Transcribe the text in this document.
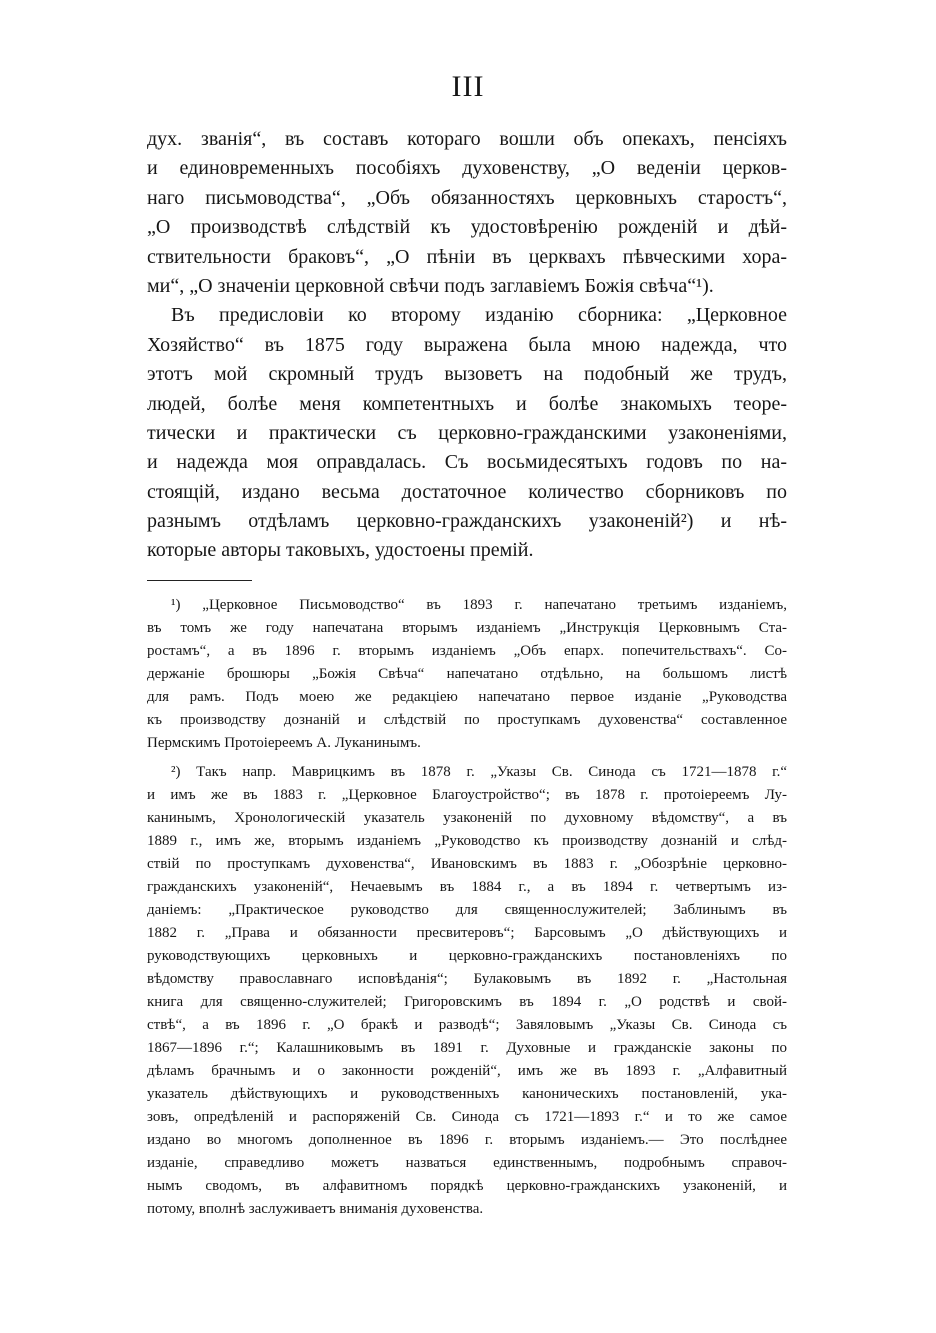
III
дух. званія“, въ составъ котораго вошли объ опекахъ, пенсіяхъ
и единовременныхъ пособіяхъ духовенству, „О веденіи церков-
наго письмоводства“, „Объ обязанностяхъ церковныхъ старостъ“,
„О производствѣ слѣдствій къ удостовѣренію рожденій и дѣй-
ствительности браковъ“, „О пѣніи въ церквахъ пѣвческими хора-
ми“, „О значеніи церковной свѣчи подъ заглавіемъ Божія свѣча“¹).
Въ предисловіи ко второму изданію сборника: „Церковное
Хозяйство“ въ 1875 году выражена была мною надежда, что
этотъ мой скромный трудъ вызоветъ на подобный же трудъ,
людей, болѣе меня компетентныхъ и болѣе знакомыхъ теоре-
тически и практически съ церковно-гражданскими узаконеніями,
и надежда моя оправдалась. Съ восьмидесятыхъ годовъ по на-
стоящій, издано весьма достаточное количество сборниковъ по
разнымъ отдѣламъ церковно-гражданскихъ узаконеній²) и нѣ-
которые авторы таковыхъ, удостоены премій.
¹) „Церковное Письмоводство“ въ 1893 г. напечатано третьимъ изданіемъ,
въ томъ же году напечатана вторымъ изданіемъ „Инструкція Церковнымъ Ста-
ростамъ“, а въ 1896 г. вторымъ изданіемъ „Объ епарх. попечительствахъ“. Со-
держаніе брошюры „Божія Свѣча“ напечатано отдѣльно, на большомъ листѣ
для рамъ. Подъ моею же редакціею напечатано первое изданіе „Руководства
къ производству дознаній и слѣдствій по проступкамъ духовенства“ составленное
Пермскимъ Протоіереемъ А. Луканинымъ.
²) Такъ напр. Маврицкимъ въ 1878 г. „Указы Св. Синода съ 1721—1878 г.“
и имъ же въ 1883 г. „Церковное Благоустройство“; въ 1878 г. протоіереемъ Лу-
канинымъ, Хронологическій указатель узаконеній по духовному вѣдомству“, а въ
1889 г., имъ же, вторымъ изданіемъ „Руководство къ производству дознаній и слѣд-
ствій по проступкамъ духовенства“, Ивановскимъ въ 1883 г. „Обозрѣніе церковно-
гражданскихъ узаконеній“, Нечаевымъ въ 1884 г., а въ 1894 г. четвертымъ из-
даніемъ: „Практическое руководство для священнослужителей; Заблинымъ въ
1882 г. „Права и обязанности пресвитеровъ“; Барсовымъ „О дѣйствующихъ и
руководствующихъ церковныхъ и церковно-гражданскихъ постановленіяхъ по
вѣдомству православнаго исповѣданія“; Булаковымъ въ 1892 г. „Настольная
книга для священно-служителей; Григоровскимъ въ 1894 г. „О родствѣ и свой-
ствѣ“, а въ 1896 г. „О бракѣ и разводѣ“; Завяловымъ „Указы Св. Синода съ
1867—1896 г.“; Калашниковымъ въ 1891 г. Духовные и гражданскіе законы по
дѣламъ брачнымъ и о законности рожденій“, имъ же въ 1893 г. „Алфавитный
указатель дѣйствующихъ и руководственныхъ каноническихъ постановленій, ука-
зовъ, опредѣленій и распоряженій Св. Синода съ 1721—1893 г.“ и то же самое
издано во многомъ дополненное въ 1896 г. вторымъ изданіемъ.— Это послѣднее
изданіе, справедливо можетъ назваться единственнымъ, подробнымъ справоч-
нымъ сводомъ, въ алфавитномъ порядкѣ церковно-гражданскихъ узаконеній, и
потому, вполнѣ заслуживаетъ вниманія духовенства.
